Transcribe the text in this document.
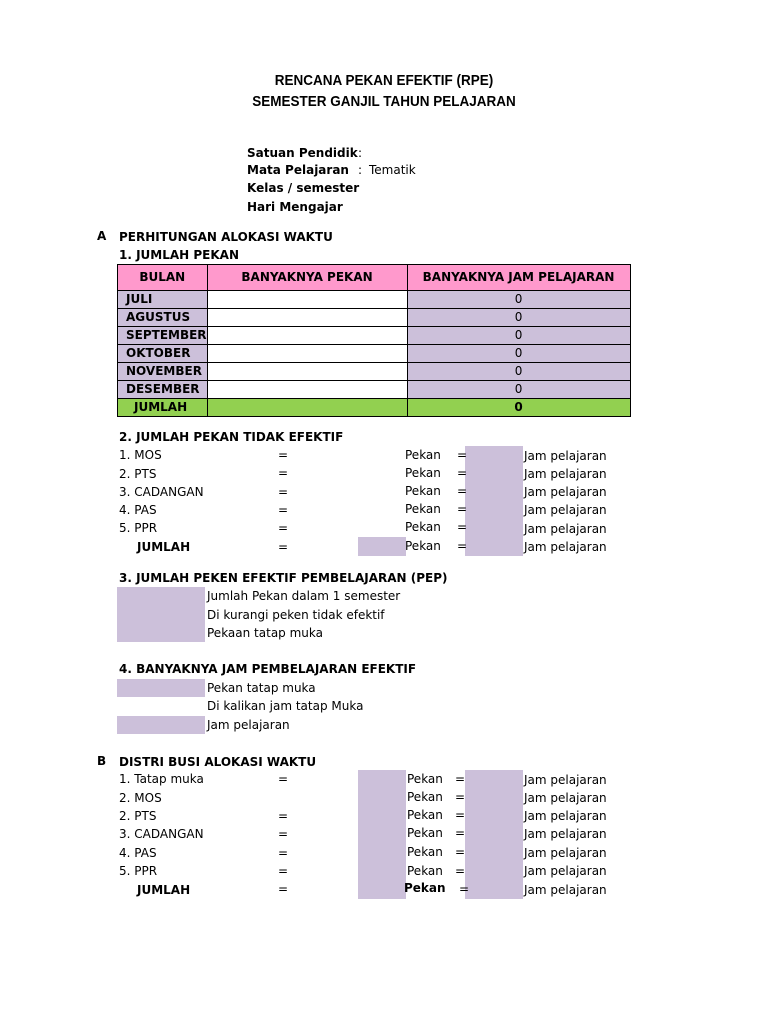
RENCANA PEKAN EFEKTIF (RPE)
SEMESTER GANJIL TAHUN PELAJARAN
Satuan Pendidik :
Mata Pelajaran : Tematik
Kelas / semester
Hari Mengajar
A PERHITUNGAN ALOKASI WAKTU
1. JUMLAH PEKAN
BULAN	BANYAKNYA PEKAN	BANYAKNYA JAM PELAJARAN
JULI		0
AGUSTUS		0
SEPTEMBER		0
OKTOBER		0
NOVEMBER		0
DESEMBER		0
JUMLAH		0
2. JUMLAH PEKAN TIDAK EFEKTIF
1. MOS	=	Pekan =	Jam pelajaran
2. PTS	=	Pekan =	Jam pelajaran
3. CADANGAN	=	Pekan =	Jam pelajaran
4. PAS	=	Pekan =	Jam pelajaran
5. PPR	=	Pekan =	Jam pelajaran
JUMLAH	=	Pekan =	Jam pelajaran
3. JUMLAH PEKEN EFEKTIF PEMBELAJARAN (PEP)
Jumlah Pekan dalam 1 semester
Di kurangi peken tidak efektif
Pekaan tatap muka
4. BANYAKNYA JAM PEMBELAJARAN EFEKTIF
Pekan tatap muka
Di kalikan jam tatap Muka
Jam pelajaran
B DISTRI BUSI ALOKASI WAKTU
1. Tatap muka	=	Pekan =	Jam pelajaran
2. MOS	Pekan =	Jam pelajaran
2. PTS	=	Pekan =	Jam pelajaran
3. CADANGAN	=	Pekan =	Jam pelajaran
4. PAS	=	Pekan =	Jam pelajaran
5. PPR	=	Pekan =	Jam pelajaran
JUMLAH	=	Pekan =	Jam pelajaran
